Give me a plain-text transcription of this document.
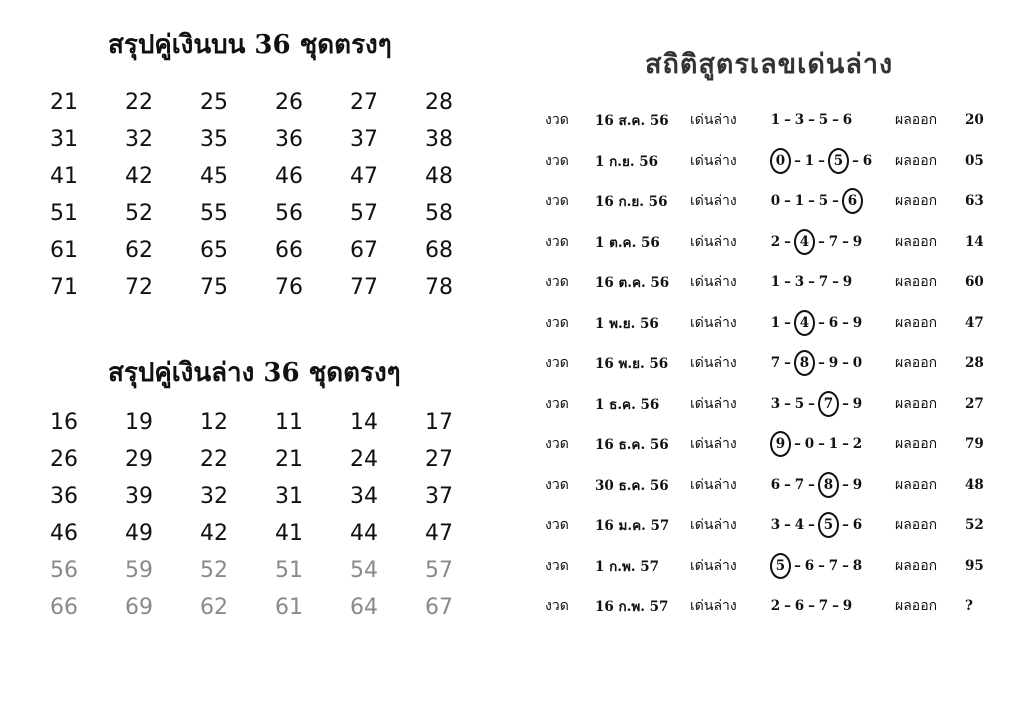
สรุปคู่เงินบน 36 ชุดตรงๆ
21	22	25	26	27	28
31	32	35	36	37	38
41	42	45	46	47	48
51	52	55	56	57	58
61	62	65	66	67	68
71	72	75	76	77	78
สรุปคู่เงินล่าง 36 ชุดตรงๆ
16	19	12	11	14	17
26	29	22	21	24	27
36	39	32	31	34	37
46	49	42	41	44	47
56	59	52	51	54	57
66	69	62	61	64	67
สถิติสูตรเลขเด่นล่าง
งวด	16 ส.ค. 56	เด่นล่าง	1 – 3 – 5 – 6	ผลออก	20
งวด	1 ก.ย. 56	เด่นล่าง	0 – 1 – 5 – 6	ผลออก	05
งวด	16 ก.ย. 56	เด่นล่าง	0 – 1 – 5 – 6	ผลออก	63
งวด	1 ต.ค. 56	เด่นล่าง	2 – 4 – 7 – 9	ผลออก	14
งวด	16 ต.ค. 56	เด่นล่าง	1 – 3 – 7 – 9	ผลออก	60
งวด	1 พ.ย. 56	เด่นล่าง	1 – 4 – 6 – 9	ผลออก	47
งวด	16 พ.ย. 56	เด่นล่าง	7 – 8 – 9 – 0	ผลออก	28
งวด	1 ธ.ค. 56	เด่นล่าง	3 – 5 – 7 – 9	ผลออก	27
งวด	16 ธ.ค. 56	เด่นล่าง	9 – 0 – 1 – 2	ผลออก	79
งวด	30 ธ.ค. 56	เด่นล่าง	6 – 7 – 8 – 9	ผลออก	48
งวด	16 ม.ค. 57	เด่นล่าง	3 – 4 – 5 – 6	ผลออก	52
งวด	1 ก.พ. 57	เด่นล่าง	5 – 6 – 7 – 8	ผลออก	95
งวด	16 ก.พ. 57	เด่นล่าง	2 – 6 – 7 – 9	ผลออก	?
